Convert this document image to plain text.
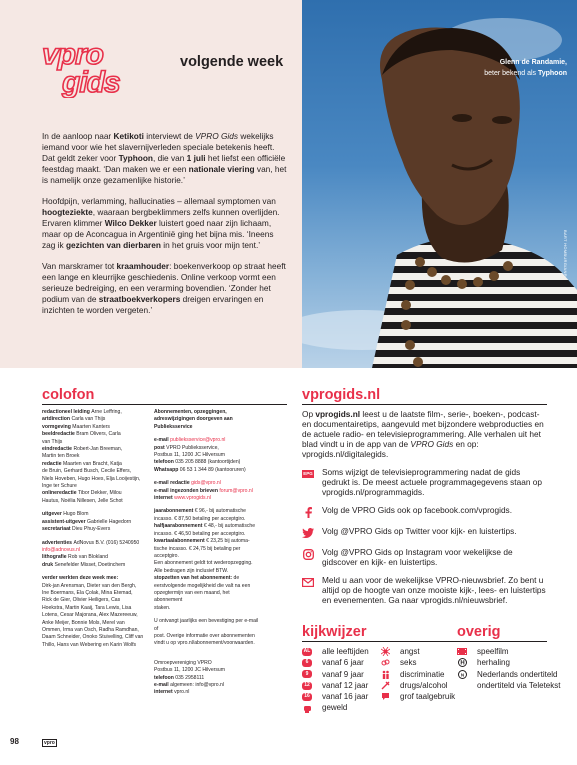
vpro
gids
volgende week	Glenn de Randamie,
beter bekend als Typhoon
BART HOMBURG/ANP

In de aanloop naar Ketikoti interviewt de VPRO Gids wekelijks iemand voor wie het slavernijverleden speciale betekenis heeft. Dat geldt zeker voor Typhoon, die van 1 juli het liefst een officiële feestdag maakt. ‘Dan maken we er een nationale viering van, het is namelijk onze gezamenlijke historie.’

Hoofdpijn, verlamming, hallucinaties – allemaal symptomen van hoogteziekte, waaraan bergbeklimmers zelfs kunnen overlijden. Ervaren klimmer Wilco Dekker luistert goed naar zijn lichaam, maar op de Aconcagua in Argentinië ging het bijna mis. ‘Ineens zag ik gezichten van dierbaren in het gruis voor mijn tent.’

Van marskramer tot kraamhouder: boekenverkoop op straat heeft een lange en kleurrijke geschiedenis. Online verkoop vormt een serieuze bedreiging, en een verarming bovendien. ‘Zonder het podium van de straatboekverkopers dreigen ervaringen en inzichten te worden vergeten.’

colofon	vprogids.nl
redactioneel leiding Arne Leffring,
artdirection Carla van Thijs
vormgeving Maarten Kanters
beeldredactie Bram Olivers, Carla
van Thijs
eindredactie Robert-Jan Breeman,
Martin ten Broek
redactie Maarten van Bracht, Katja
de Bruin, Gerhard Busch, Cecile Effers,
Niels Hoveben, Hugo Hoes, Elja Looijestijn,
Inge ter Schure
onlineredactie Tibor Dekker, Milou
Hautus, Noëlia Nillesen, Jelle Schot
uitgever Hugo Blom
assistent-uitgever Gabrielle Hagedorn
secretariaat Dieu Phuy-Evers
advertenties AdNovus B.V. (016) 5240950
info@adnovus.nl
lithografie Rob van Blokland
druk Senefelder Misset, Doetinchem
verder werkten deze week mee:
Dirk-jan Arensman, Dieter van den Bergh,
Ine Boermans, Ela Çolak, Mina Etemad,
Rick de Gier, Olivier Heiligers, Cas
Hoekstra, Martin Kaaij, Tara Lewis, Lisa
Lotens, Cesar Majorana, Alex Mazereeuw,
Anke Meijer, Bonnie Mols, Merel van
Ommen, Irma van Osch, Radha Ramdhan,
Daam Schneider, Onoko Stuivelling, Cliff van
Thillo, Hans van Webering en Karin Wolfs
Abonnementen, opzeggingen,
adreswijzigingen doorgeven aan
Publieksservice
e-mail publieksservice@vpro.nl
post VPRO Publieksservice,
Postbus 11, 1200 JC Hilversum
telefoon 035 205 8888 (kantoortijden)
Whatsapp 06 53 1 344 89 (kantooruren)
e-mail redactie gids@vpro.nl
e-mail ingezonden brieven forum@vpro.nl
internet www.vprogids.nl
jaarabonnement € 96,- bij automatische
incasso. € 87,50 betaling per acceptgiro.
halfjaarabonnement € 48,- bij automatische
incasso. € 46,50 betaling per acceptgiro.
kwartaalabonnement € 23,25 bij automa-
tische incasso. € 24,75 bij betaling per acceptgiro.
Een abonnement geldt tot wederopzegging.
Alle bedragen zijn inclusief BTW.
stopzetten van het abonnement: de
eerstvolgende mogelijkheid die valt na een
opzegtermijn van een maand, het abonnement
staken.
U ontvangt jaarlijks een bevestiging per e-mail of
post. Overige informatie over abonnementen
vindt u op vpro.nl/abonnement/voorwaarden.
Omroepvereniging VPRO
Postbus 11, 1200 JC Hilversum
telefoon 035 2958111
e-mail algemeen: info@vpro.nl
internet vpro.nl
Op vprogids.nl leest u de laatste film-, serie-, boeken-, podcast- en documentairetips, aangevuld met bijzondere webproducties en de actuele radio- en televisieprogrammering. Alle verhalen uit het blad vindt u in de app van de VPRO Gids en op: vprogids.nl/digitalegids.
EPG Soms wijzigt de televisieprogrammering nadat de gids gedrukt is. De meest actuele programmagegevens staan op vprogids.nl/programmagids.
Volg de VPRO Gids ook op facebook.com/vprogids.
Volg @VPRO Gids op Twitter voor kijk- en luistertips.
Volg @VPRO Gids op Instagram voor wekelijkse de gidscover en kijk- en luistertips.
Meld u aan voor de wekelijkse VPRO-nieuwsbrief. Zo bent u altijd op de hoogte van onze mooiste kijk-, lees- en luistertips en evenementen. Ga naar vprogids.nl/nieuwsbrief.
kijkwijzer	overig
AL alle leeftijden
6	vanaf 6 jaar
9	vanaf 9 jaar
12 vanaf 12 jaar
16 vanaf 16 jaar
geweld
angst
seks
discriminatie
drugs/alcohol
grof taalgebruik
speelfilm
H herhaling
N Nederlands ondertiteld
ondertiteld via Teletekst
98	vpro
